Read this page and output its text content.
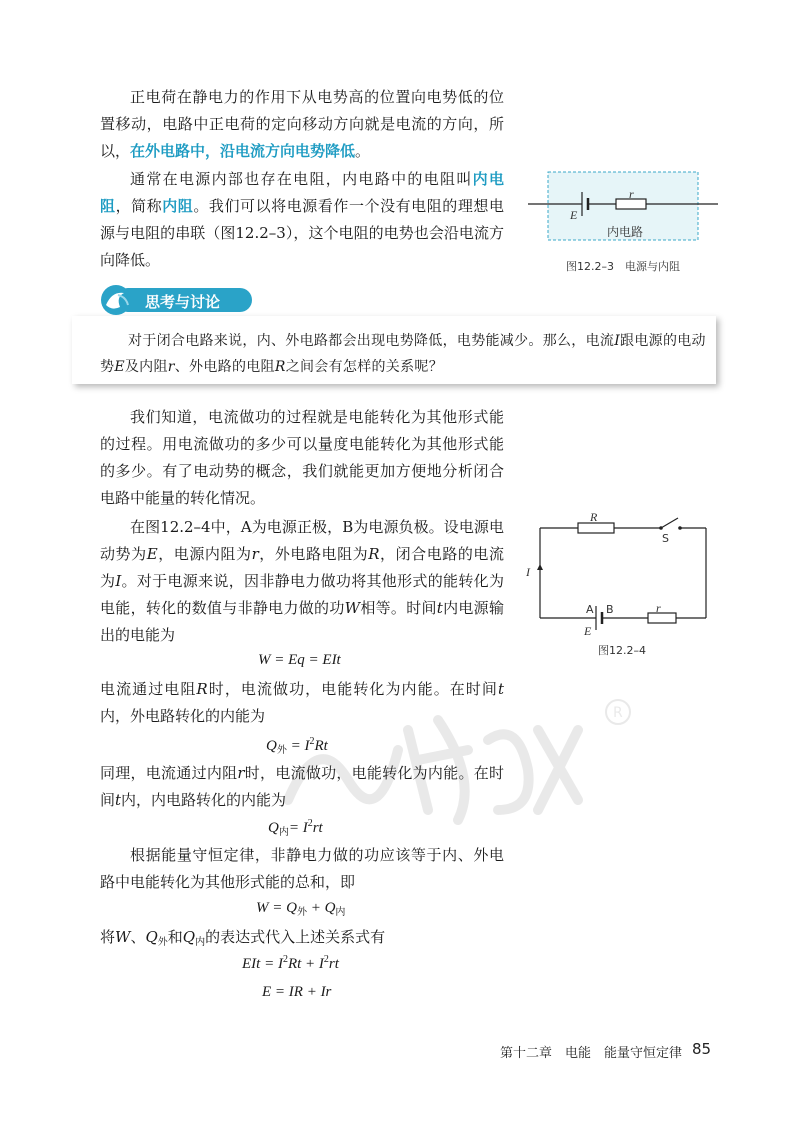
R

正电荷在静电力的作用下从电势高的位置向电势低的位置移动，电路中正电荷的定向移动方向就是电流的方向，所以，在外电路中，沿电流方向电势降低。

通常在电源内部也存在电阻，内电路中的电阻叫内电阻，简称内阻。我们可以将电源看作一个没有电阻的理想电源与电阻的串联（图12.2–3），这个电阻的电势也会沿电流方向降低。

r
E
内电路
图12.2–3　电源与内阻
思考与讨论

对于闭合电路来说，内、外电路都会出现电势降低，电势能减少。那么，电流I跟电源的电动势E及内阻r、外电路的电阻R之间会有怎样的关系呢？

我们知道，电流做功的过程就是电能转化为其他形式能的过程。用电流做功的多少可以量度电能转化为其他形式能的多少。有了电动势的概念，我们就能更加方便地分析闭合电路中能量的转化情况。

在图12.2–4中，A为电源正极，B为电源负极。设电源电动势为E，电源内阻为r，外电路电阻为R，闭合电路的电流为I。对于电源来说，因非静电力做功将其他形式的能转化为电能，转化的数值与非静电力做的功W相等。时间t内电源输出的电能为

W = Eq = EIt

电流通过电阻R时，电流做功，电能转化为内能。在时间t内，外电路转化的内能为

$Q_外 = I^2Rt$

同理，电流通过内阻r时，电流做功，电能转化为内能。在时间t内，内电路转化的内能为

$Q_内= I^2rt$

根据能量守恒定律，非静电力做的功应该等于内、外电路中电能转化为其他形式能的总和，即

$W = Q_外 + Q_内$

将W、$Q_外$和$Q_内$的表达式代入上述关系式有

EIt = $I^2Rt + I^2rt$
E = IR + Ir
R
S
I
A B	r
E
图12.2–4
第十二章　电能　能量守恒定律 85
